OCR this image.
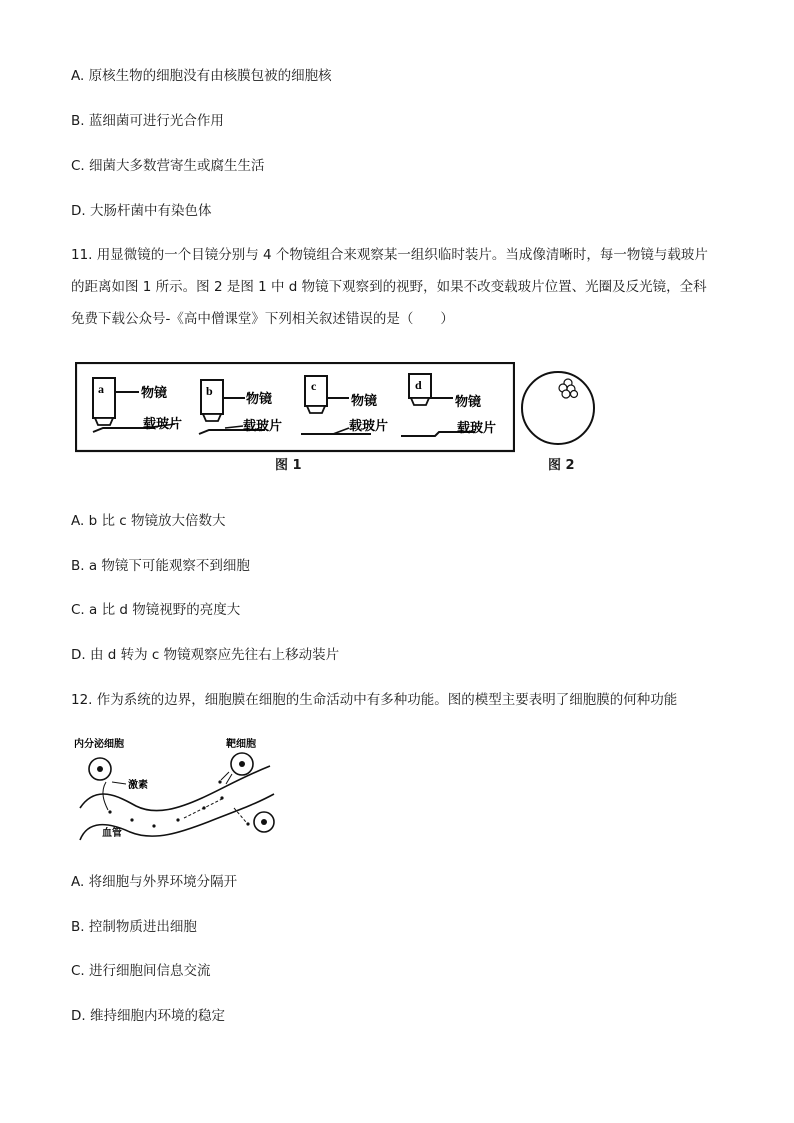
A. 原核生物的细胞没有由核膜包被的细胞核
B. 蓝细菌可进行光合作用
C. 细菌大多数营寄生或腐生生活
D. 大肠杆菌中有染色体
11. 用显微镜的一个目镜分别与 4 个物镜组合来观察某一组织临时装片。当成像清晰时，每一物镜与载玻片
的距离如图 1 所示。图 2 是图 1 中 d 物镜下观察到的视野，如果不改变载玻片位置、光圈及反光镜，全科
免费下载公众号-《高中僧课堂》下列相关叙述错误的是（　　）
a	物镜
载玻片
b
物镜
载玻片
c
物镜
载玻片
d
物镜
载玻片
图 1	图 2
A. b 比 c 物镜放大倍数大
B. a 物镜下可能观察不到细胞
C. a 比 d 物镜视野的亮度大
D. 由 d 转为 c 物镜观察应先往右上移动装片
12. 作为系统的边界，细胞膜在细胞的生命活动中有多种功能。图的模型主要表明了细胞膜的何种功能
内分泌细胞	靶细胞
激素
血管
A. 将细胞与外界环境分隔开
B. 控制物质进出细胞
C. 进行细胞间信息交流
D. 维持细胞内环境的稳定
